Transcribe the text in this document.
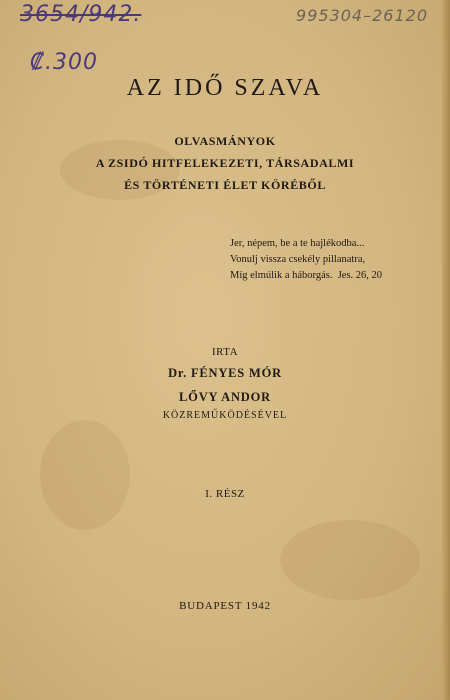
3654/942.
₡.300
995304–26120
AZ IDŐ SZAVA
OLVASMÁNYOK
A ZSIDÓ HITFELEKEZETI, TÁRSADALMI
ÉS TÖRTÉNETI ÉLET KÖRÉBŐL
Jer, népem, be a te hajlékodba...
Vonulj vissza csekély pillanatra,
Míg elmúlik a háborgás. Jes. 26, 20
IRTA
Dr. FÉNYES MÓR
LŐVY ANDOR
KÖZREMŰKÖDÉSÉVEL
I. RÉSZ
BUDAPEST 1942
